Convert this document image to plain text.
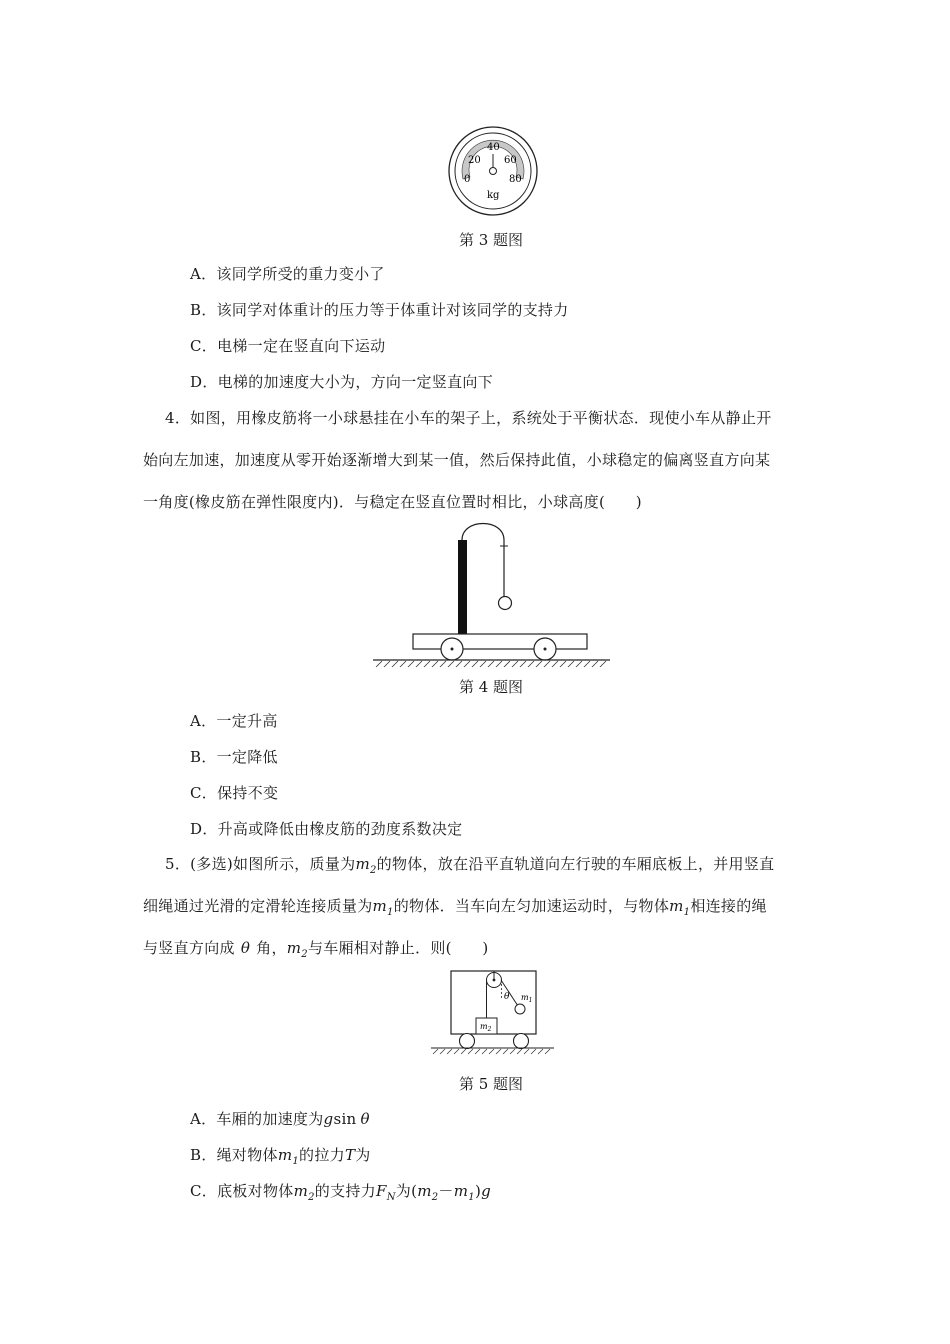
0
20
40
60
80
kg
第 3 题图
A．该同学所受的重力变小了
B．该同学对体重计的压力等于体重计对该同学的支持力
C．电梯一定在竖直向下运动
D．电梯的加速度大小为，方向一定竖直向下
4．如图，用橡皮筋将一小球悬挂在小车的架子上，系统处于平衡状态．现使小车从静止开
始向左加速，加速度从零开始逐渐增大到某一值，然后保持此值，小球稳定的偏离竖直方向某
一角度(橡皮筋在弹性限度内)．与稳定在竖直位置时相比，小球高度(　　)
第 4 题图
A．一定升高
B．一定降低
C．保持不变
D．升高或降低由橡皮筋的劲度系数决定
5．(多选)如图所示，质量为$m_2$的物体，放在沿平直轨道向左行驶的车厢底板上，并用竖直
细绳通过光滑的定滑轮连接质量为$m_1$的物体．当车向左匀加速运动时，与物体$m_1$相连接的绳
与竖直方向成 θ 角，$m_2$与车厢相对静止．则(　　)
θ $m_1$
$m_2$
第 5 题图
A．车厢的加速度为gsin θ
B．绳对物体$m_1$的拉力T为
C．底板对物体$m_2$的支持力$F_N$为$(m_2-m_1)g$
